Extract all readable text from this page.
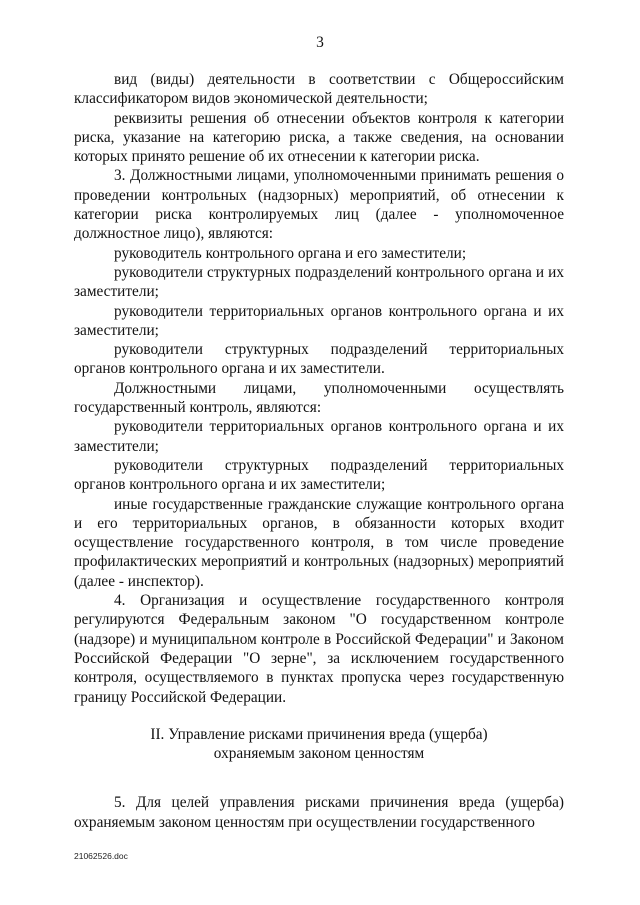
3

вид (виды) деятельности в соответствии с Общероссийским классификатором видов экономической деятельности;

реквизиты решения об отнесении объектов контроля к категории риска, указание на категорию риска, а также сведения, на основании которых принято решение об их отнесении к категории риска.

3. Должностными лицами, уполномоченными принимать решения о проведении контрольных (надзорных) мероприятий, об отнесении к категории риска контролируемых лиц (далее - уполномоченное должностное лицо), являются:

руководитель контрольного органа и его заместители;

руководители структурных подразделений контрольного органа и их заместители;

руководители территориальных органов контрольного органа и их заместители;

руководители структурных подразделений территориальных органов контрольного органа и их заместители.

Должностными лицами, уполномоченными осуществлять

государственный контроль, являются:

руководители территориальных органов контрольного органа и их заместители;

руководители структурных подразделений территориальных органов контрольного органа и их заместители;

иные государственные гражданские служащие контрольного органа и его территориальных органов, в обязанности которых входит осуществление государственного контроля, в том числе проведение профилактических мероприятий и контрольных (надзорных) мероприятий (далее - инспектор).

4. Организация и осуществление государственного контроля регулируются Федеральным законом "О государственном контроле (надзоре) и муниципальном контроле в Российской Федерации" и Законом Российской Федерации "О зерне", за исключением государственного контроля, осуществляемого в пунктах пропуска через государственную границу Российской Федерации.

II. Управление рисками причинения вреда (ущерба)
охраняемым законом ценностям

5. Для целей управления рисками причинения вреда (ущерба) охраняемым законом ценностям при осуществлении государственного

21062526.doc
